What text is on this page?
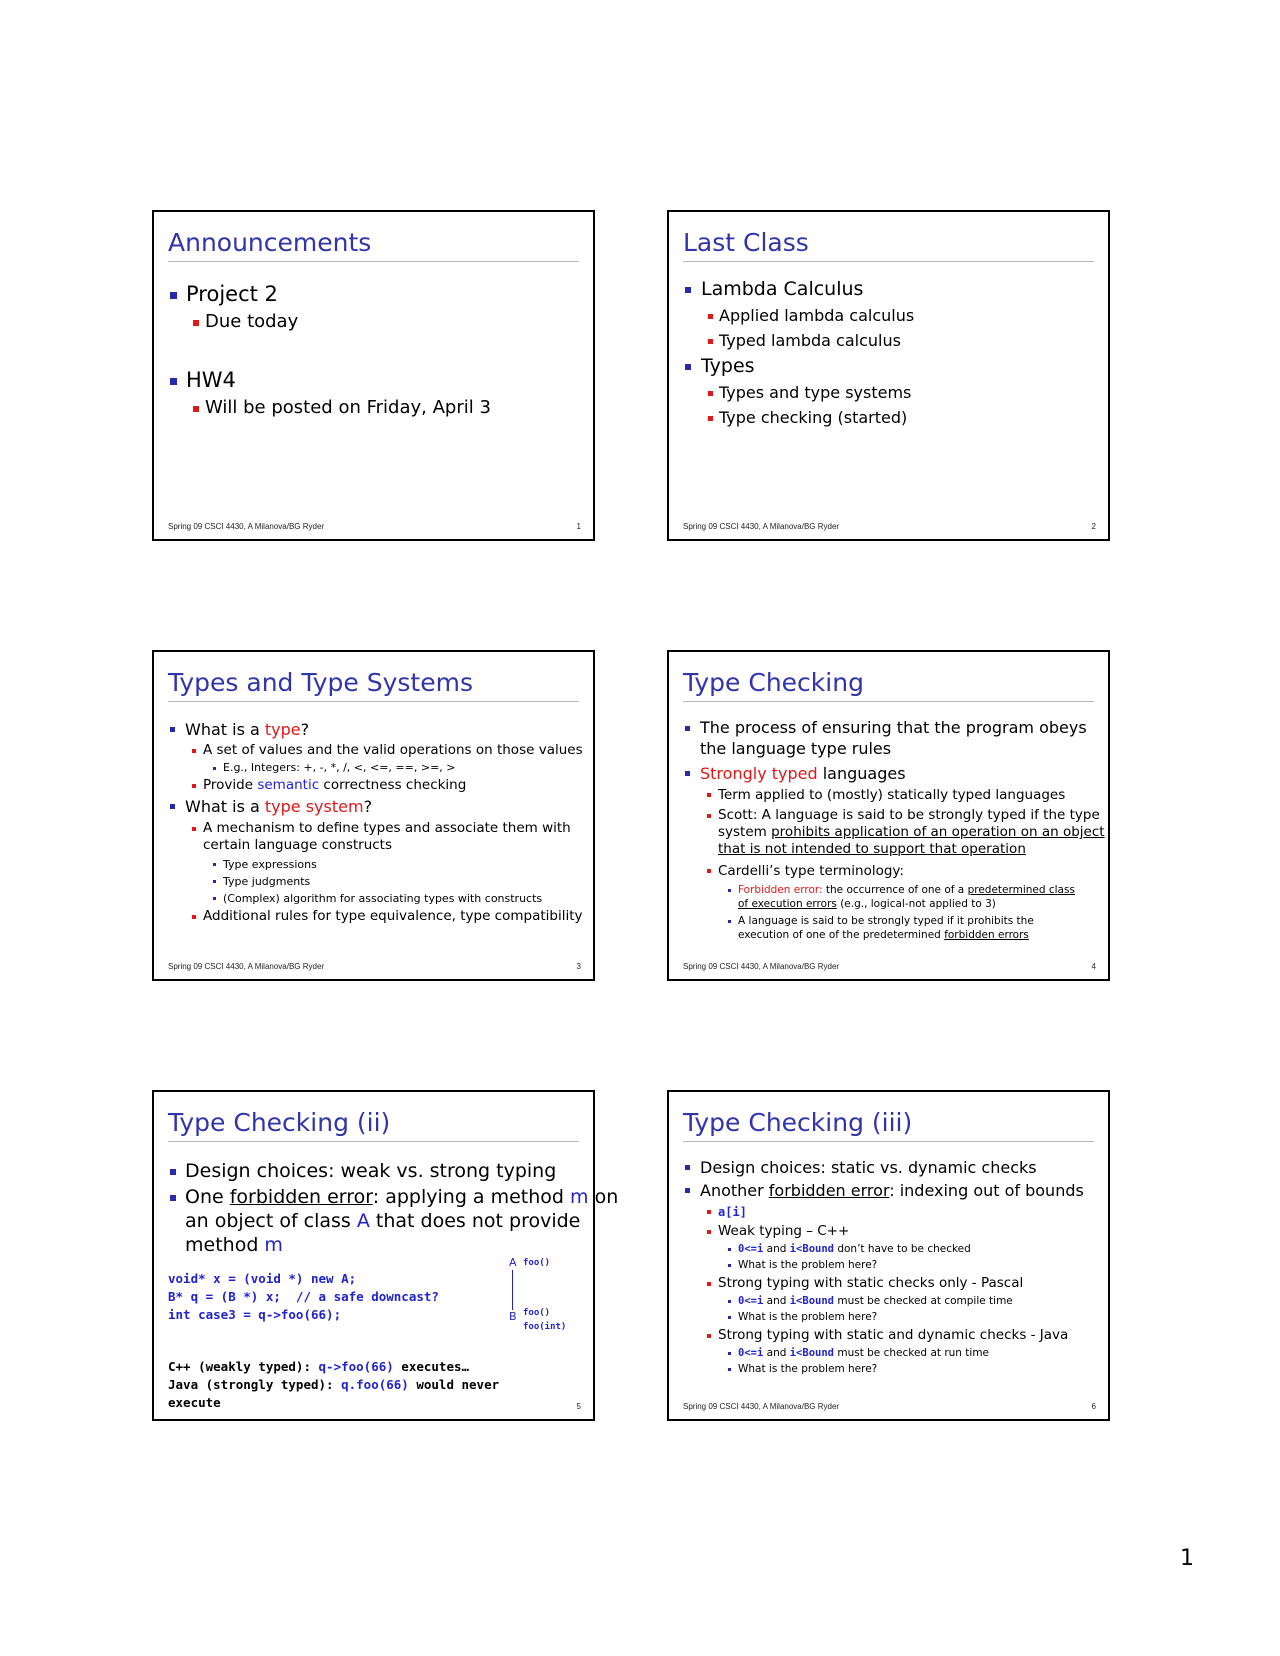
Announcements
Project 2
Due today
HW4
Will be posted on Friday, April 3
Spring 09 CSCI 4430, A Milanova/BG Ryder	1
Last Class
Lambda Calculus
Applied lambda calculus
Typed lambda calculus
Types
Types and type systems
Type checking (started)
Spring 09 CSCI 4430, A Milanova/BG Ryder	2
Types and Type Systems
What is a type?
A set of values and the valid operations on those values
E.g., Integers: +, -, *, /, <, <=, ==, >=, >
Provide semantic correctness checking
What is a type system?
A mechanism to define types and associate them with
certain language constructs
Type expressions
Type judgments
(Complex) algorithm for associating types with constructs
Additional rules for type equivalence, type compatibility
Spring 09 CSCI 4430, A Milanova/BG Ryder	3
Type Checking
The process of ensuring that the program obeys
the language type rules
Strongly typed languages
Term applied to (mostly) statically typed languages
Scott: A language is said to be strongly typed if the type
system prohibits application of an operation on an object
that is not intended to support that operation
Cardelli’s type terminology:
Forbidden error: the occurrence of one of a predetermined class
of execution errors (e.g., logical-not applied to 3)
A language is said to be strongly typed if it prohibits the
execution of one of the predetermined forbidden errors
Spring 09 CSCI 4430, A Milanova/BG Ryder	4
Type Checking (ii)
Design choices: weak vs. strong typing
One forbidden error: applying a method m on
an object of class A that does not provide
method m
void* x = (void *) new A;
B* q = (B *) x;  // a safe downcast?
int case3 = q->foo(66);
A foo()
B foo()
foo(int)
C++ (weakly typed): q->foo(66) executes…
Java (strongly typed): q.foo(66) would never
execute	5
Type Checking (iii)
Design choices: static vs. dynamic checks
Another forbidden error: indexing out of bounds
a[i]
Weak typing – C++
0<=i and i<Bound don’t have to be checked
What is the problem here?
Strong typing with static checks only - Pascal
0<=i and i<Bound must be checked at compile time
What is the problem here?
Strong typing with static and dynamic checks - Java
0<=i and i<Bound must be checked at run time
What is the problem here?
Spring 09 CSCI 4430, A Milanova/BG Ryder	6
1
